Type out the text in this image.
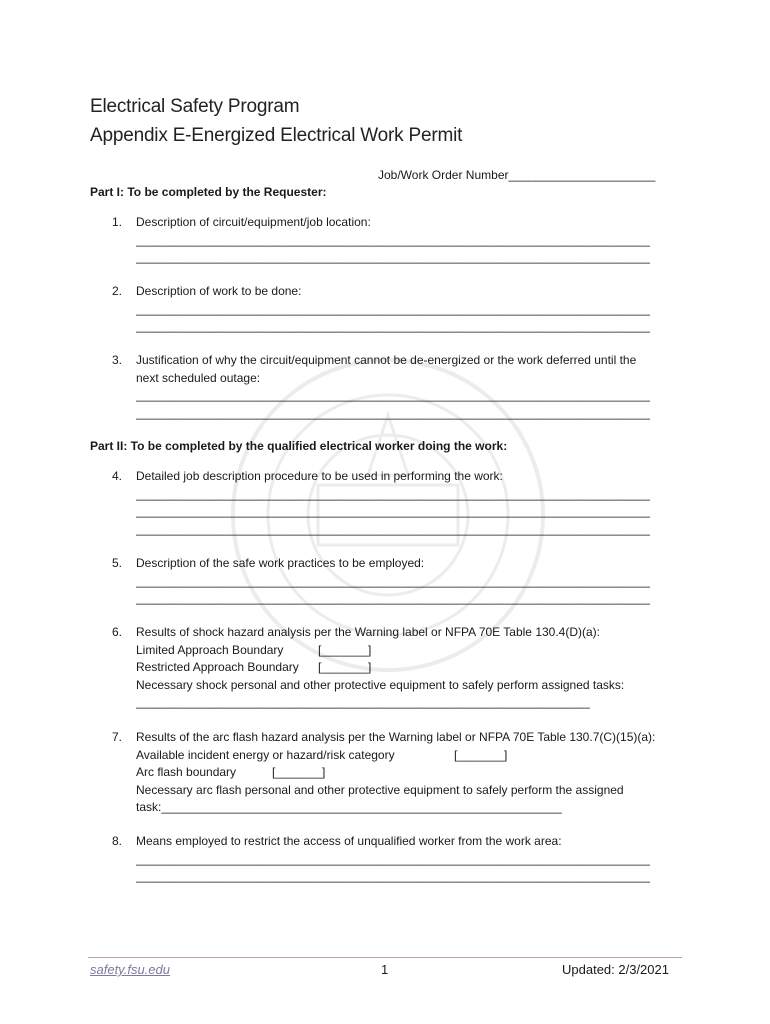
Electrical Safety Program
Appendix E-Energized Electrical Work Permit
Job/Work Order Number______________________
Part I: To be completed by the Requester:
1. Description of circuit/equipment/job location:
_____________________________________________________________________________
_____________________________________________________________________________
2. Description of work to be done:
_____________________________________________________________________________
_____________________________________________________________________________
3. Justification of why the circuit/equipment cannot be de-energized or the work deferred until the
next scheduled outage:
_____________________________________________________________________________
_____________________________________________________________________________
Part II: To be completed by the qualified electrical worker doing the work:
4. Detailed job description procedure to be used in performing the work:
_____________________________________________________________________________
_____________________________________________________________________________
_____________________________________________________________________________
5. Description of the safe work practices to be employed:
_____________________________________________________________________________
_____________________________________________________________________________
6. Results of shock hazard analysis per the Warning label or NFPA 70E Table 130.4(D)(a):
Limited Approach Boundary	[_______]
Restricted Approach Boundary [_______]
Necessary shock personal and other protective equipment to safely perform assigned tasks:
____________________________________________________________________
7. Results of the arc flash hazard analysis per the Warning label or NFPA 70E Table 130.7(C)(15)(a):
Available incident energy or hazard/risk category	[_______]
Arc flash boundary	[_______]
Necessary arc flash personal and other protective equipment to safely perform the assigned
task:____________________________________________________________
8. Means employed to restrict the access of unqualified worker from the work area:
_____________________________________________________________________________
_____________________________________________________________________________
safety.fsu.edu	1	Updated: 2/3/2021
